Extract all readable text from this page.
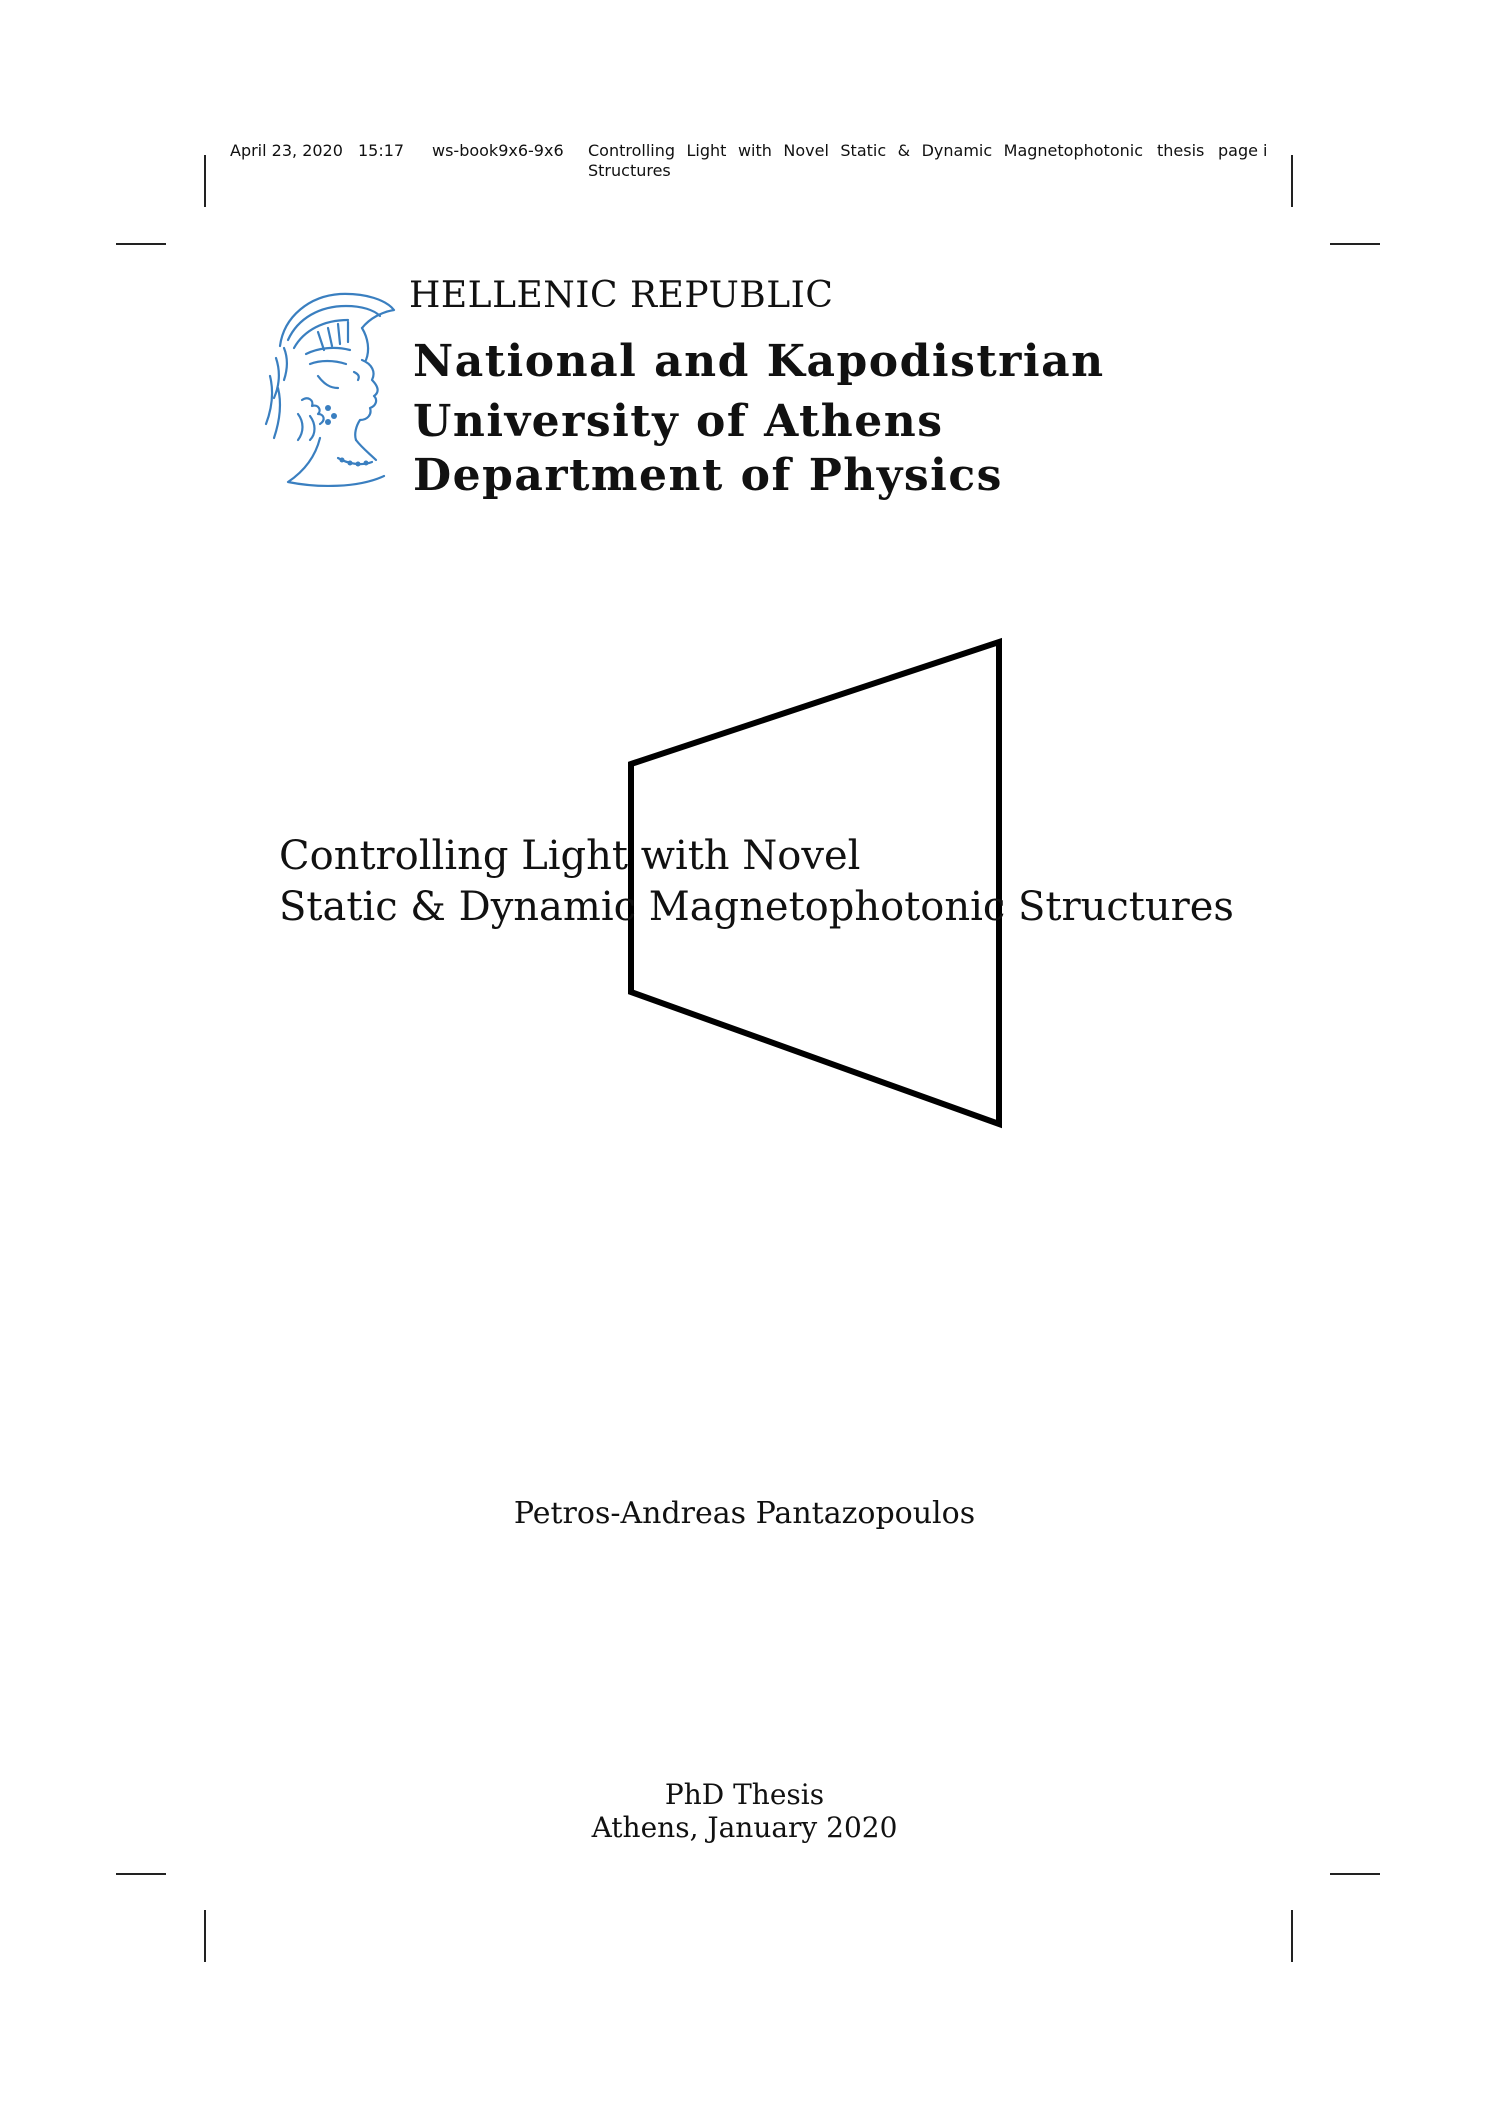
April 23, 2020 15:17 ws-book9x6-9x6 Controlling Light with Novel Static & Dynamic Magnetophotonic Structures
thesis page i
HELLENIC REPUBLIC
National and Kapodistrian
University of Athens
Department of Physics
Controlling Light with Novel
Static & Dynamic Magnetophotonic Structures
Petros-Andreas Pantazopoulos
PhD Thesis
Athens, January 2020
